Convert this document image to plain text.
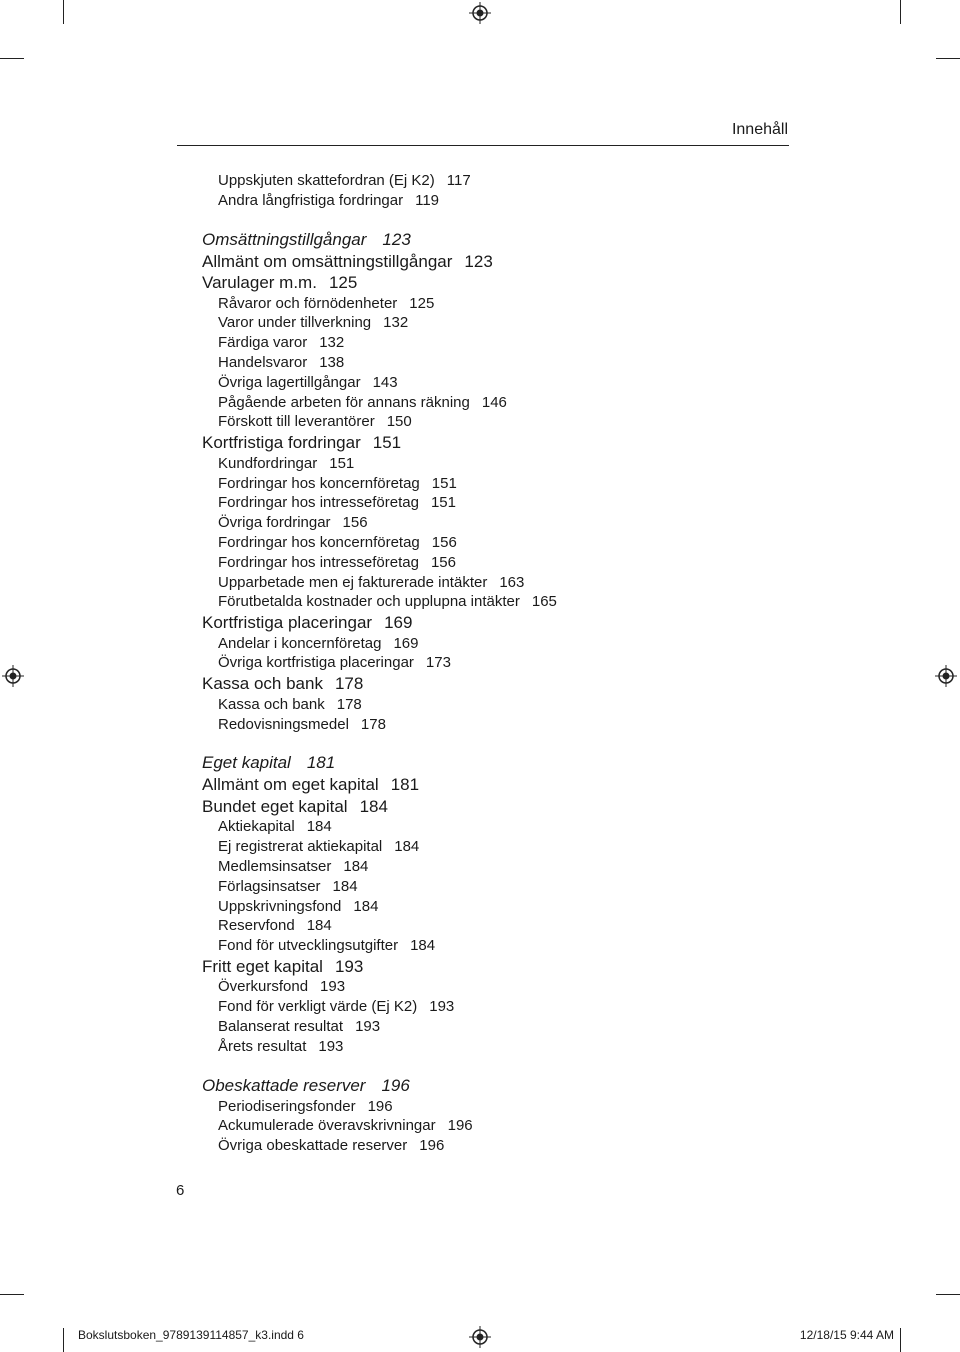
Innehåll
Uppskjuten skattefordran (Ej K2) 117
Andra långfristiga fordringar 119
Omsättningstillgångar 123
Allmänt om omsättningstillgångar 123
Varulager m.m. 125
Råvaror och förnödenheter 125
Varor under tillverkning 132
Färdiga varor 132
Handelsvaror 138
Övriga lagertillgångar 143
Pågående arbeten för annans räkning 146
Förskott till leverantörer 150
Kortfristiga fordringar 151
Kundfordringar 151
Fordringar hos koncernföretag 151
Fordringar hos intresseföretag 151
Övriga fordringar 156
Fordringar hos koncernföretag 156
Fordringar hos intresseföretag 156
Upparbetade men ej fakturerade intäkter 163
Förutbetalda kostnader och upplupna intäkter 165
Kortfristiga placeringar 169
Andelar i koncernföretag 169
Övriga kortfristiga placeringar 173
Kassa och bank 178
Kassa och bank 178
Redovisningsmedel 178
Eget kapital 181
Allmänt om eget kapital 181
Bundet eget kapital 184
Aktiekapital 184
Ej registrerat aktiekapital 184
Medlemsinsatser 184
Förlagsinsatser 184
Uppskrivningsfond 184
Reservfond 184
Fond för utvecklingsutgifter 184
Fritt eget kapital 193
Överkursfond 193
Fond för verkligt värde (Ej K2) 193
Balanserat resultat 193
Årets resultat 193
Obeskattade reserver 196
Periodiseringsfonder 196
Ackumulerade överavskrivningar 196
Övriga obeskattade reserver 196
6
Bokslutsboken_9789139114857_k3.indd 6	12/18/15 9:44 AM
